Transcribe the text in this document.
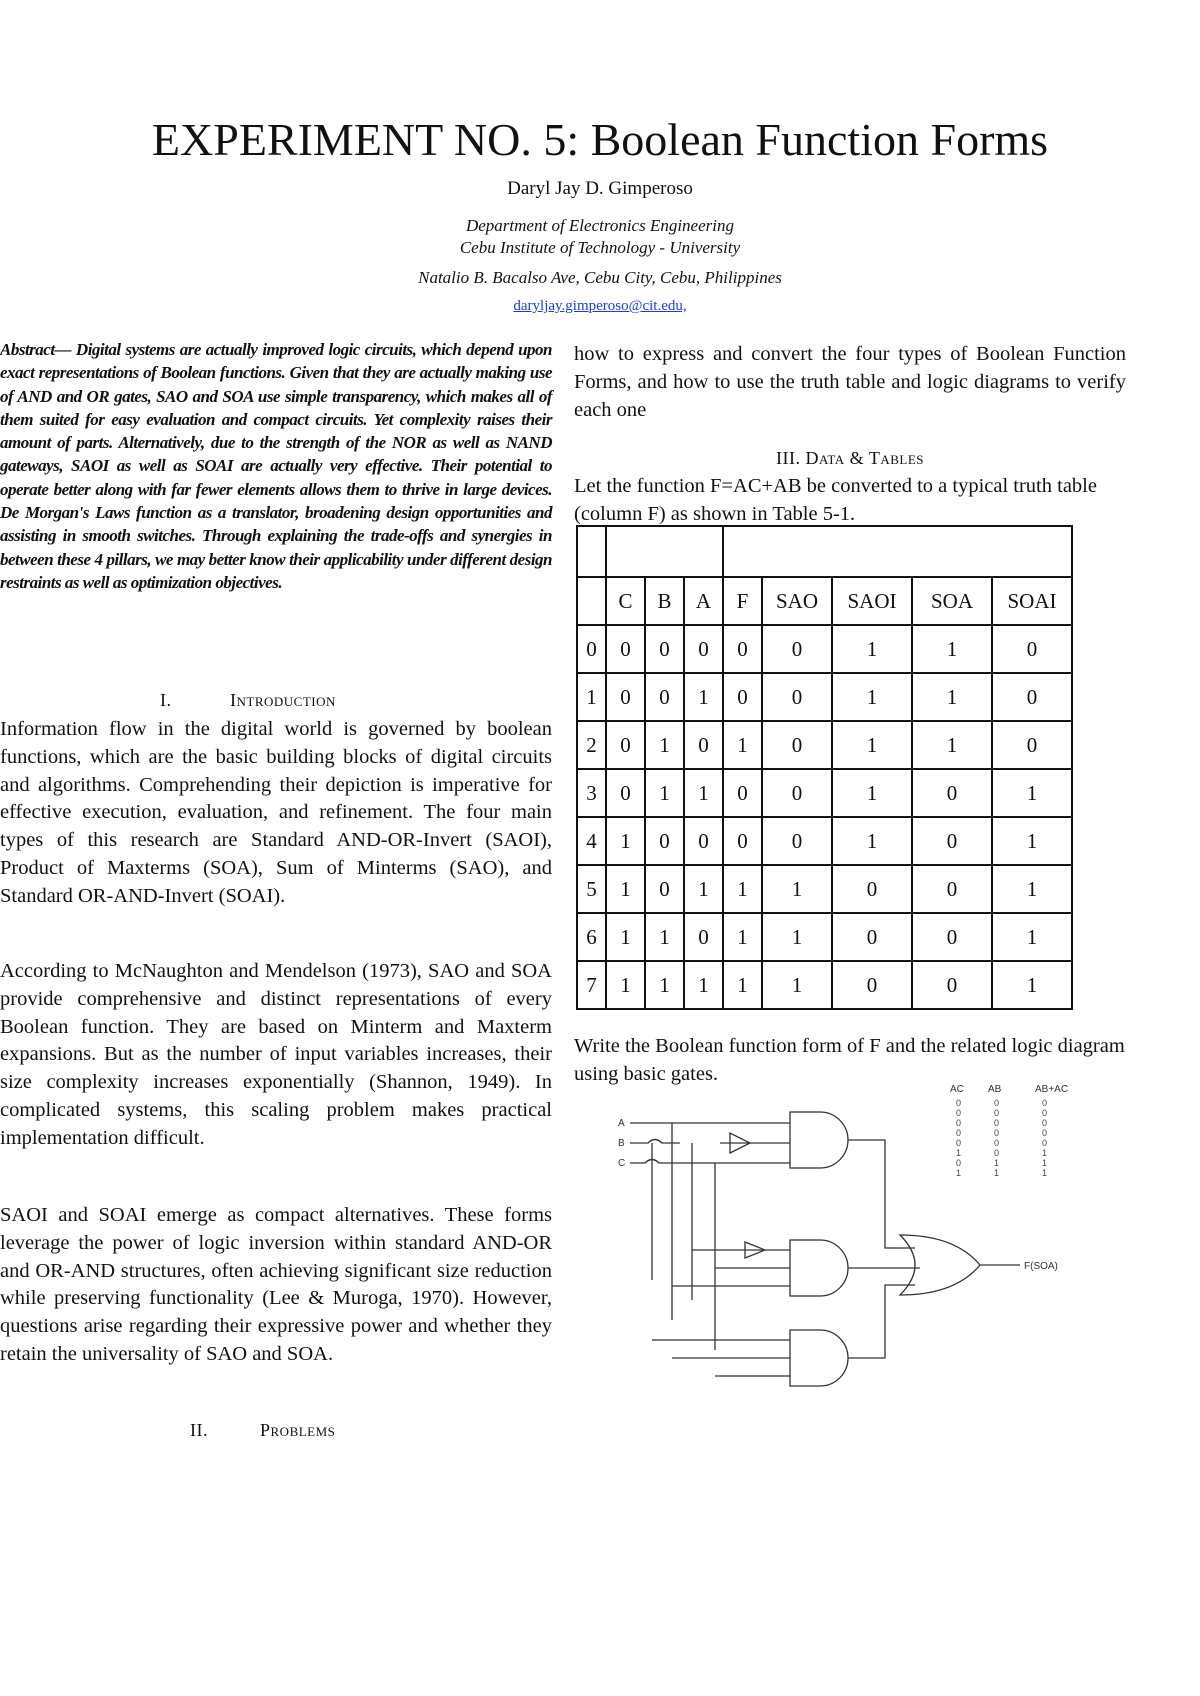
EXPERIMENT NO. 5: Boolean Function Forms
Daryl Jay D. Gimperoso
Department of Electronics Engineering
Cebu Institute of Technology - University
Natalio B. Bacalso Ave, Cebu City, Cebu, Philippines
daryljay.gimperoso@cit.edu,
Abstract— Digital systems are actually improved logic circuits, which depend upon exact representations of Boolean functions. Given that they are actually making use of AND and OR gates, SAO and SOA use simple transparency, which makes all of them suited for easy evaluation and compact circuits. Yet complexity raises their amount of parts. Alternatively, due to the strength of the NOR as well as NAND gateways, SAOI as well as SOAI are actually very effective. Their potential to operate better along with far fewer elements allows them to thrive in large devices. De Morgan's Laws function as a translator, broadening design opportunities and assisting in smooth switches. Through explaining the trade-offs and synergies in between these 4 pillars, we may better know their applicability under different design restraints as well as optimization objectives.
I.	Introduction
Information flow in the digital world is governed by boolean functions, which are the basic building blocks of digital circuits and algorithms. Comprehending their depiction is imperative for effective execution, evaluation, and refinement. The four main types of this research are Standard AND-OR-Invert (SAOI), Product of Maxterms (SOA), Sum of Minterms (SAO), and Standard OR-AND-Invert (SOAI).
According to McNaughton and Mendelson (1973), SAO and SOA provide comprehensive and distinct representations of every Boolean function. They are based on Minterm and Maxterm expansions. But as the number of input variables increases, their size complexity increases exponentially (Shannon, 1949). In complicated systems, this scaling problem makes practical implementation difficult.
SAOI and SOAI emerge as compact alternatives. These forms leverage the power of logic inversion within standard AND-OR and OR-AND structures, often achieving significant size reduction while preserving functionality (Lee & Muroga, 1970). However, questions arise regarding their expressive power and whether they retain the universality of SAO and SOA.
II.	Problems
how to express and convert the four types of Boolean Function Forms, and how to use the truth table and logic diagrams to verify each one
III. Data & Tables
Let the function F=AC+AB be converted to a typical truth table (column F) as shown in Table 5-1.

	C	B	A	F	SAO	SAOI	SOA	SOAI
0	0	0	0	0	0	1	1	0
1	0	0	1	0	0	1	1	0
2	0	1	0	1	0	1	1	0
3	0	1	1	0	0	1	0	1
4	1	0	0	0	0	1	0	1
5	1	0	1	1	1	0	0	1
6	1	1	0	1	1	0	0	1
7	1	1	1	1	1	0	0	1
Write the Boolean function form of F and the related logic diagram using basic gates.
A
B
C
F(SOA)
AC AB	AB+AC
0
0
0
0
0
1
0
1
0
0
0
0
0
0
1
1
0
0
0
0
0
1
1
1
